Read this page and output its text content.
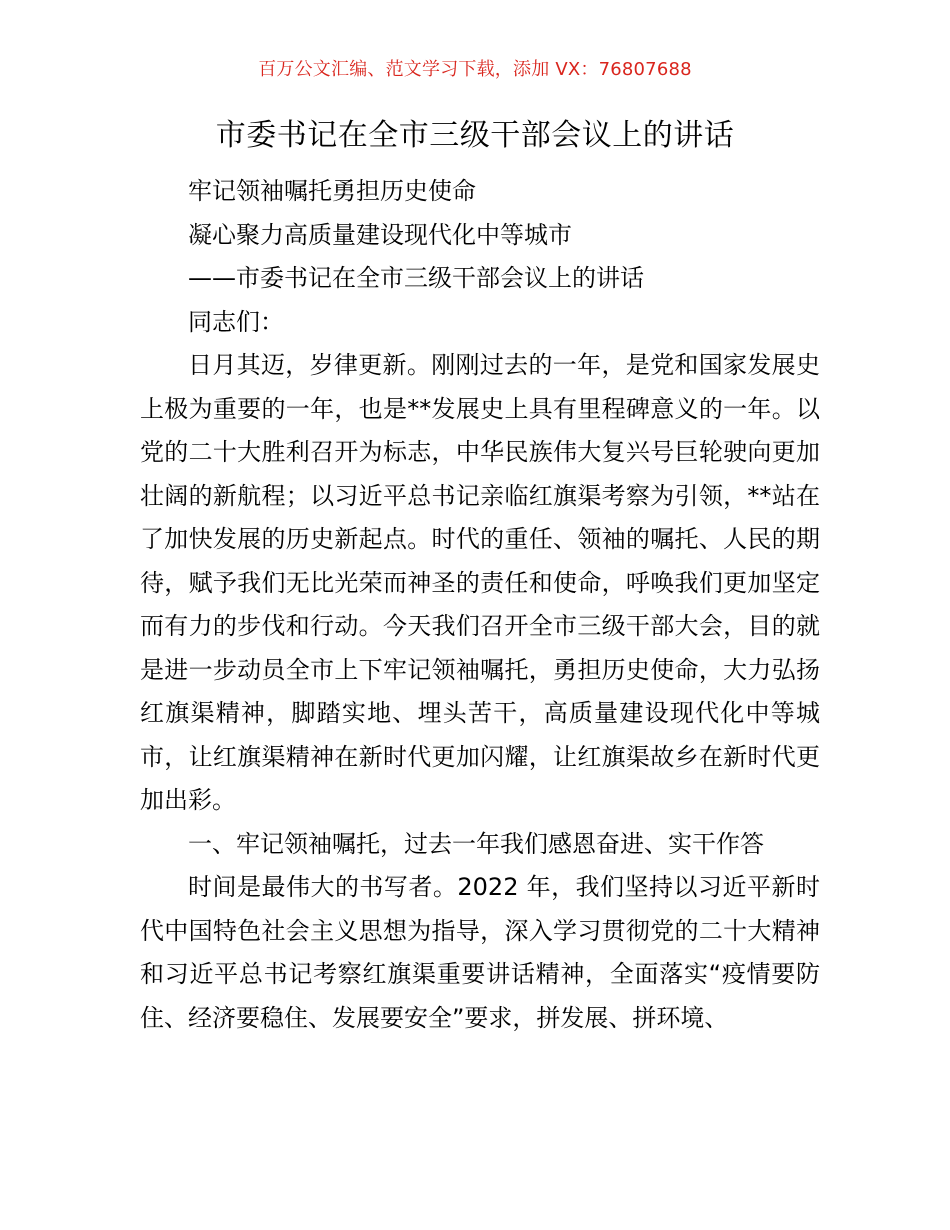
百万公文汇编、范文学习下载，添加 VX：76807688
市委书记在全市三级干部会议上的讲话

牢记领袖嘱托勇担历史使命

凝心聚力高质量建设现代化中等城市

——市委书记在全市三级干部会议上的讲话

同志们：

日月其迈，岁律更新。刚刚过去的一年，是党和国家发展史上极为重要的一年，也是**发展史上具有里程碑意义的一年。以党的二十大胜利召开为标志，中华民族伟大复兴号巨轮驶向更加壮阔的新航程；以习近平总书记亲临红旗渠考察为引领，**站在了加快发展的历史新起点。时代的重任、领袖的嘱托、人民的期待，赋予我们无比光荣而神圣的责任和使命，呼唤我们更加坚定而有力的步伐和行动。今天我们召开全市三级干部大会，目的就是进一步动员全市上下牢记领袖嘱托，勇担历史使命，大力弘扬红旗渠精神，脚踏实地、埋头苦干，高质量建设现代化中等城市，让红旗渠精神在新时代更加闪耀，让红旗渠故乡在新时代更加出彩。

一、牢记领袖嘱托，过去一年我们感恩奋进、实干作答

时间是最伟大的书写者。2022 年，我们坚持以习近平新时代中国特色社会主义思想为指导，深入学习贯彻党的二十大精神和习近平总书记考察红旗渠重要讲话精神，全面落实“疫情要防住、经济要稳住、发展要安全”要求，拼发展、拼环境、
